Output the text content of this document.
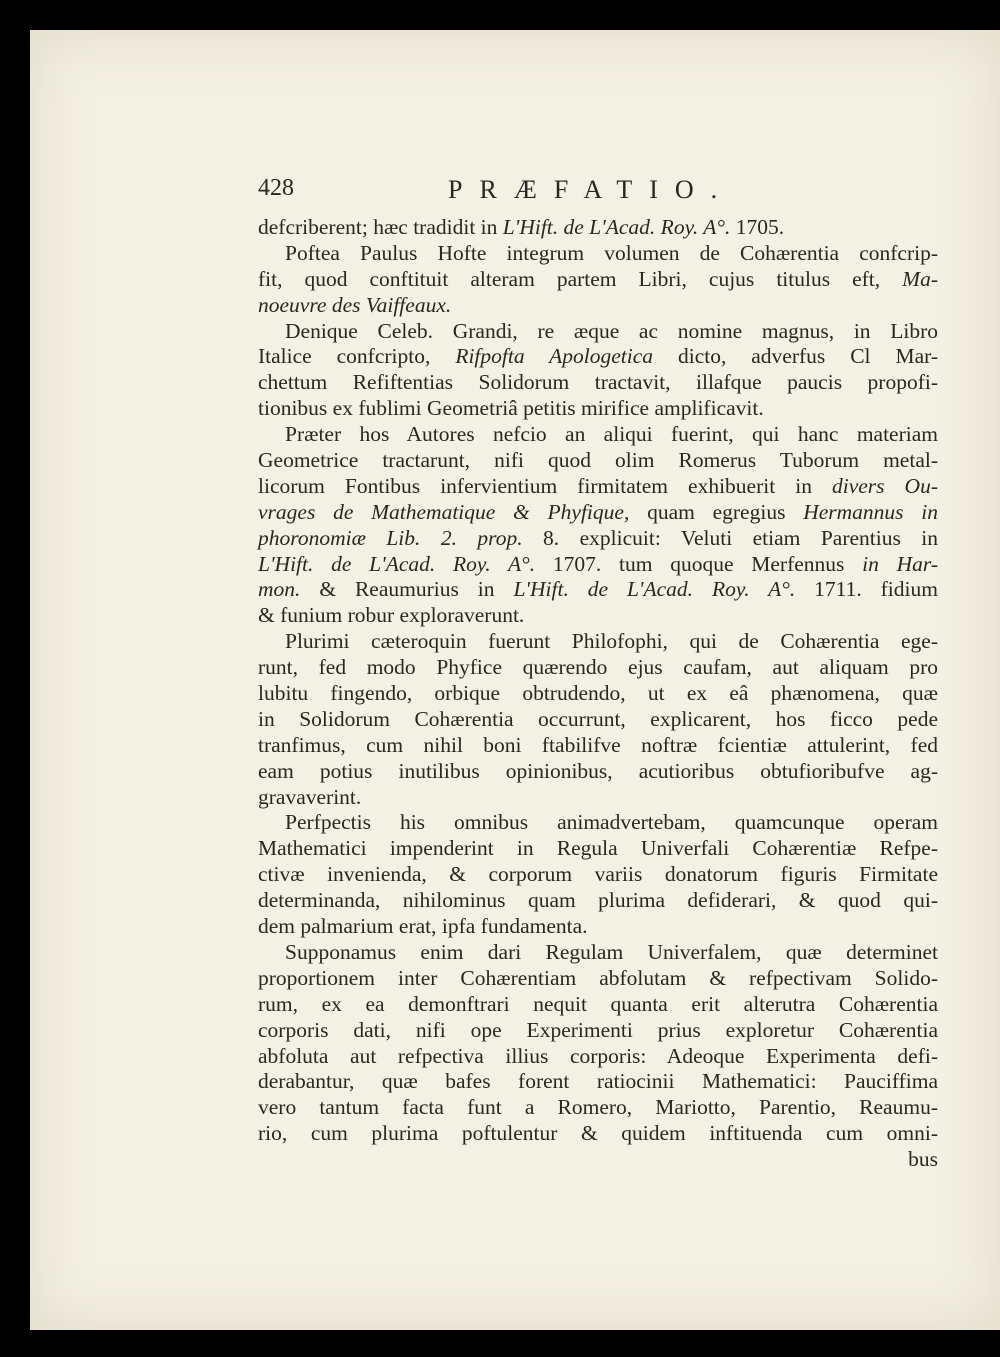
428	PRÆFATIO.
defcriberent; hæc tradidit in L'Hift. de L'Acad. Roy. A°. 1705.
Poftea Paulus Hofte integrum volumen de Cohærentia confcrip-
fit, quod conftituit alteram partem Libri, cujus titulus eft, Ma-
noeuvre des Vaiffeaux.
Denique Celeb. Grandi, re æque ac nomine magnus, in Libro
Italice confcripto, Rifpofta Apologetica dicto, adverfus Cl Mar-
chettum Refiftentias Solidorum tractavit, illafque paucis propofi-
tionibus ex fublimi Geometriâ petitis mirifice amplificavit.
Præter hos Autores nefcio an aliqui fuerint, qui hanc materiam
Geometrice tractarunt, nifi quod olim Romerus Tuborum metal-
licorum Fontibus infervientium firmitatem exhibuerit in divers Ou-
vrages de Mathematique & Phyfique, quam egregius Hermannus in
phoronomiæ Lib. 2. prop. 8. explicuit: Veluti etiam Parentius in
L'Hift. de L'Acad. Roy. A°. 1707. tum quoque Merfennus in Har-
mon. & Reaumurius in L'Hift. de L'Acad. Roy. A°. 1711. fidium
& funium robur exploraverunt.
Plurimi cæteroquin fuerunt Philofophi, qui de Cohærentia ege-
runt, fed modo Phyfice quærendo ejus caufam, aut aliquam pro
lubitu fingendo, orbique obtrudendo, ut ex eâ phænomena, quæ
in Solidorum Cohærentia occurrunt, explicarent, hos ficco pede
tranfimus, cum nihil boni ftabilifve noftræ fcientiæ attulerint, fed
eam potius inutilibus opinionibus, acutioribus obtufioribufve ag-
gravaverint.
Perfpectis his omnibus animadvertebam, quamcunque operam
Mathematici impenderint in Regula Univerfali Cohærentiæ Refpe-
ctivæ invenienda, & corporum variis donatorum figuris Firmitate
determinanda, nihilominus quam plurima defiderari, & quod qui-
dem palmarium erat, ipfa fundamenta.
Supponamus enim dari Regulam Univerfalem, quæ determinet
proportionem inter Cohærentiam abfolutam & refpectivam Solido-
rum, ex ea demonftrari nequit quanta erit alterutra Cohærentia
corporis dati, nifi ope Experimenti prius exploretur Cohærentia
abfoluta aut refpectiva illius corporis: Adeoque Experimenta defi-
derabantur, quæ bafes forent ratiocinii Mathematici: Pauciffima
vero tantum facta funt a Romero, Mariotto, Parentio, Reaumu-
rio, cum plurima poftulentur & quidem inftituenda cum omni-
bus
